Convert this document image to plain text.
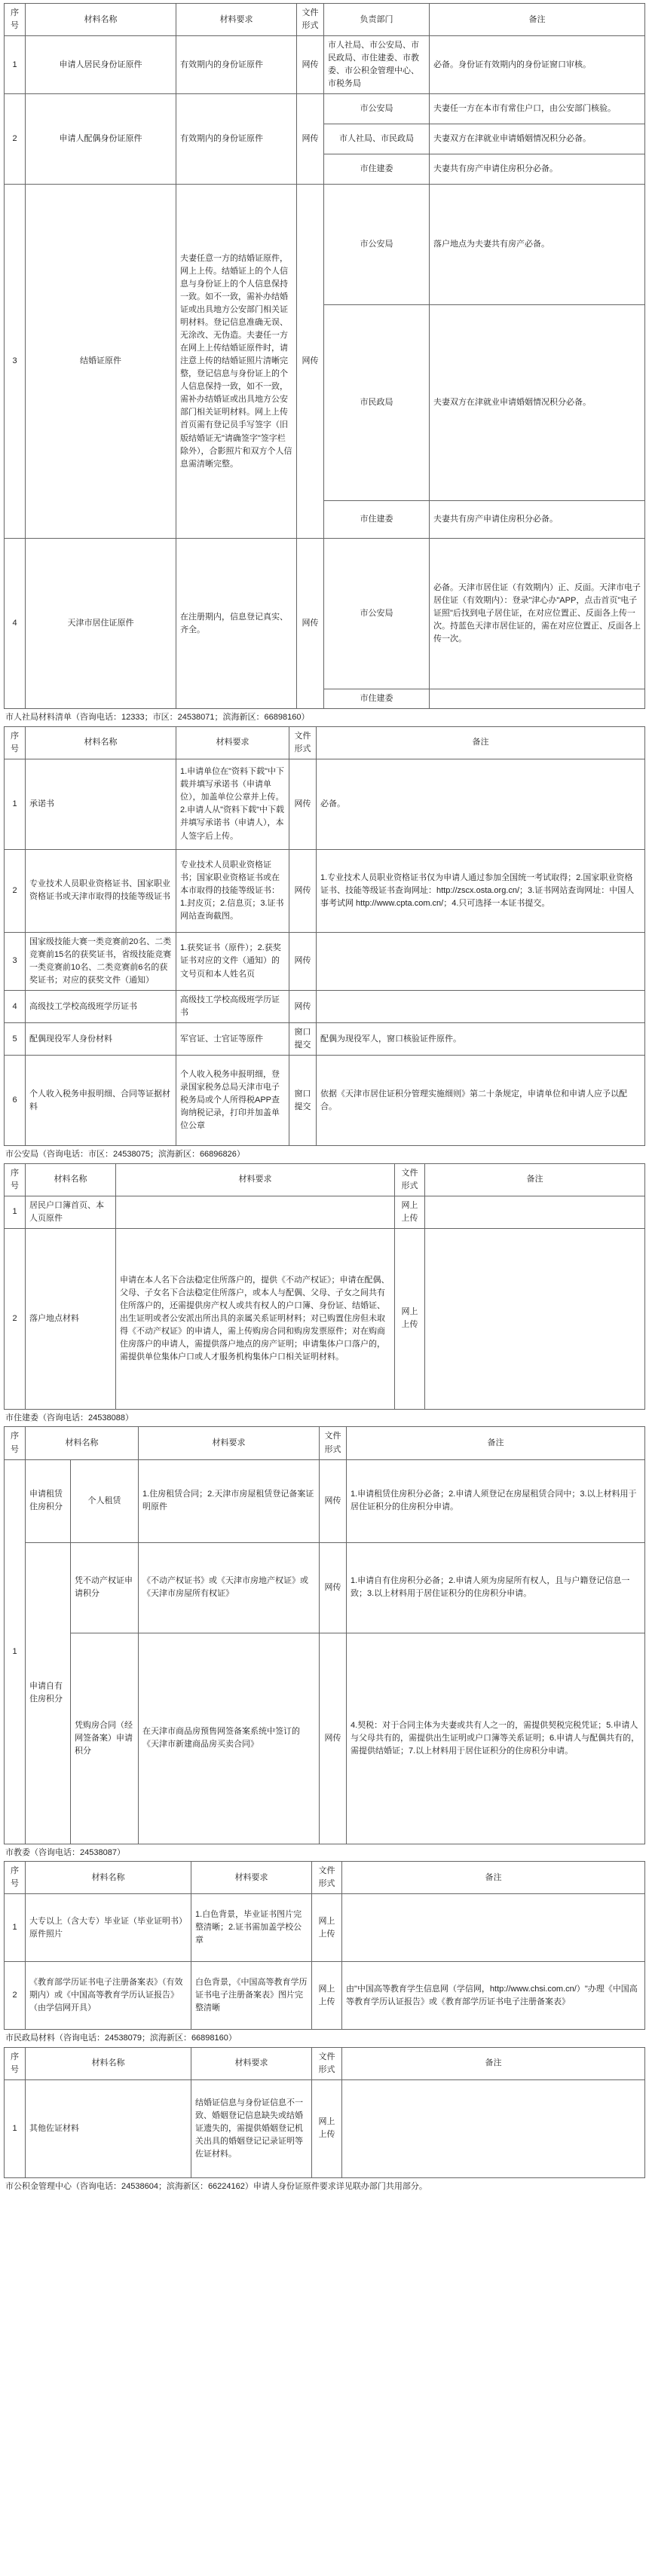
序号	材料名称	材料要求	文件形式	负责部门	备注
1	申请人居民身份证原件	有效期内的身份证原件	网传	市人社局、市公安局、市民政局、市住建委、市教委、市公积金管理中心、市税务局	必备。身份证有效期内的身份证窗口审核。
2	申请人配偶身份证原件	有效期内的身份证原件	网传	市公安局	夫妻任一方在本市有常住户口，由公安部门核验。
				市人社局、市民政局	夫妻双方在津就业申请婚姻情况积分必备。
				市住建委	夫妻共有房产申请住房积分必备。
3	结婚证原件	夫妻任意一方的结婚证原件，网上上传。结婚证上的个人信息与身份证上的个人信息保持一致。如不一致，需补办结婚证或出具地方公安部门相关证明材料。登记信息准确无误、无涂改、无伪造。夫妻任一方在网上上传结婚证原件时，请注意上传的结婚证照片清晰完整，登记信息与身份证上的个人信息保持一致，如不一致，需补办结婚证或出具地方公安部门相关证明材料。网上上传首页需有登记员手写签字（旧版结婚证无"请确签字"签字栏除外），合影照片和双方个人信息需清晰完整。	网传	市公安局	落户地点为夫妻共有房产必备。
				市民政局	夫妻双方在津就业申请婚姻情况积分必备。
				市住建委	夫妻共有房产申请住房积分必备。
4	天津市居住证原件	在注册期内，信息登记真实、齐全。	网传	市公安局	必备。天津市居住证（有效期内）正、反面。天津市电子居住证（有效期内）：登录"津心办"APP，点击首页"电子证照"后找到电子居住证，在对应位置正、反面各上传一次。持蓝色天津市居住证的，需在对应位置正、反面各上传一次。
				市住建委	
市人社局材料清单（咨询电话：12333；市区：24538071；滨海新区：66898160）
序号	材料名称	材料要求	文件形式	备注
1	承诺书	1.申请单位在"资料下载"中下载并填写承诺书（申请单位），加盖单位公章并上传。2.申请人从"资料下载"中下载并填写承诺书（申请人），本人签字后上传。	网传	必备。
2	专业技术人员职业资格证书、国家职业资格证书或天津市取得的技能等级证书	专业技术人员职业资格证书；国家职业资格证书或在本市取得的技能等级证书：1.封皮页；2.信息页；3.证书网站查询截图。	网传	1.专业技术人员职业资格证书仅为申请人通过参加全国统一考试取得；2.国家职业资格证书、技能等级证书查询网址：http://zscx.osta.org.cn/；3.证书网站查询网址：中国人事考试网 http://www.cpta.com.cn/；4.只可选择一本证书提交。
3	国家级技能大赛一类竞赛前20名、二类竞赛前15名的获奖证书，省级技能竞赛一类竞赛前10名、二类竞赛前6名的获奖证书；对应的获奖文件（通知）	1.获奖证书（原件）；2.获奖证书对应的文件（通知）的文号页和本人姓名页	网传	
4	高级技工学校高级班学历证书	高级技工学校高级班学历证书	网传	
5	配偶现役军人身份材料	军官证、士官证等原件	窗口提交	配偶为现役军人，窗口核验证件原件。
6	个人收入税务申报明细、合同等证据材料	个人收入税务申报明细，登录国家税务总局天津市电子税务局或个人所得税APP查询纳税记录，打印并加盖单位公章	窗口提交	依据《天津市居住证积分管理实施细则》第二十条规定，申请单位和申请人应予以配合。
市公安局（咨询电话：市区：24538075；滨海新区：66896826）
序号	材料名称	材料要求	文件形式	备注
1	居民户口簿首页、本人页原件		网上上传	
2	落户地点材料	申请在本人名下合法稳定住所落户的，提供《不动产权证》；申请在配偶、父母、子女名下合法稳定住所落户，或本人与配偶、父母、子女之间共有住所落户的，还需提供房产权人或共有权人的户口簿、身份证、结婚证、出生证明或者公安派出所出具的亲属关系证明材料；对已购置住房但未取得《不动产权证》的申请人，需上传购房合同和购房发票原件；对在购商住房落户的申请人，需提供落户地点的房产证明；申请集体户口落户的，需提供单位集体户口或人才服务机构集体户口相关证明材料。	网上上传	
市住建委（咨询电话：24538088）
序号	材料名称		材料要求	文件形式	备注
1	申请租赁住房积分	个人租赁	1.住房租赁合同；2.天津市房屋租赁登记备案证明原件	网传	1.申请租赁住房积分必备；2.申请人须登记在房屋租赁合同中；3.以上材料用于居住证积分的住房积分申请。
	申请自有住房积分	凭不动产权证申请积分	《不动产权证书》或《天津市房地产权证》或《天津市房屋所有权证》	网传	1.申请自有住房积分必备；2.申请人须为房屋所有权人，且与户籍登记信息一致；3.以上材料用于居住证积分的住房积分申请。
		凭购房合同（经网签备案）申请积分	在天津市商品房预售网签备案系统中签订的《天津市新建商品房买卖合同》	网传	4.契税：对于合同主体为夫妻或共有人之一的，需提供契税完税凭证；5.申请人与父母共有的，需提供出生证明或户口簿等关系证明；6.申请人与配偶共有的，需提供结婚证；7.以上材料用于居住证积分的住房积分申请。
市教委（咨询电话：24538087）
序号	材料名称	材料要求	文件形式	备注
1	大专以上（含大专）毕业证（毕业证明书）原件照片	1.白色背景，毕业证书图片完整清晰；2.证书需加盖学校公章	网上上传	
2	《教育部学历证书电子注册备案表》（有效期内）或《中国高等教育学历认证报告》（由学信网开具）	白色背景，《中国高等教育学历证书电子注册备案表》图片完整清晰	网上上传	由"中国高等教育学生信息网（学信网，http://www.chsi.com.cn/）"办理《中国高等教育学历认证报告》或《教育部学历证书电子注册备案表》
市民政局材料（咨询电话：24538079；滨海新区：66898160）
序号	材料名称	材料要求	文件形式	备注
1	其他佐证材料	结婚证信息与身份证信息不一致、婚姻登记信息缺失或结婚证遗失的，需提供婚姻登记机关出具的婚姻登记记录证明等佐证材料。	网上上传	
市公积金管理中心（咨询电话：24538604；滨海新区：66224162）申请人身份证原件要求详见联办部门共用部分。
